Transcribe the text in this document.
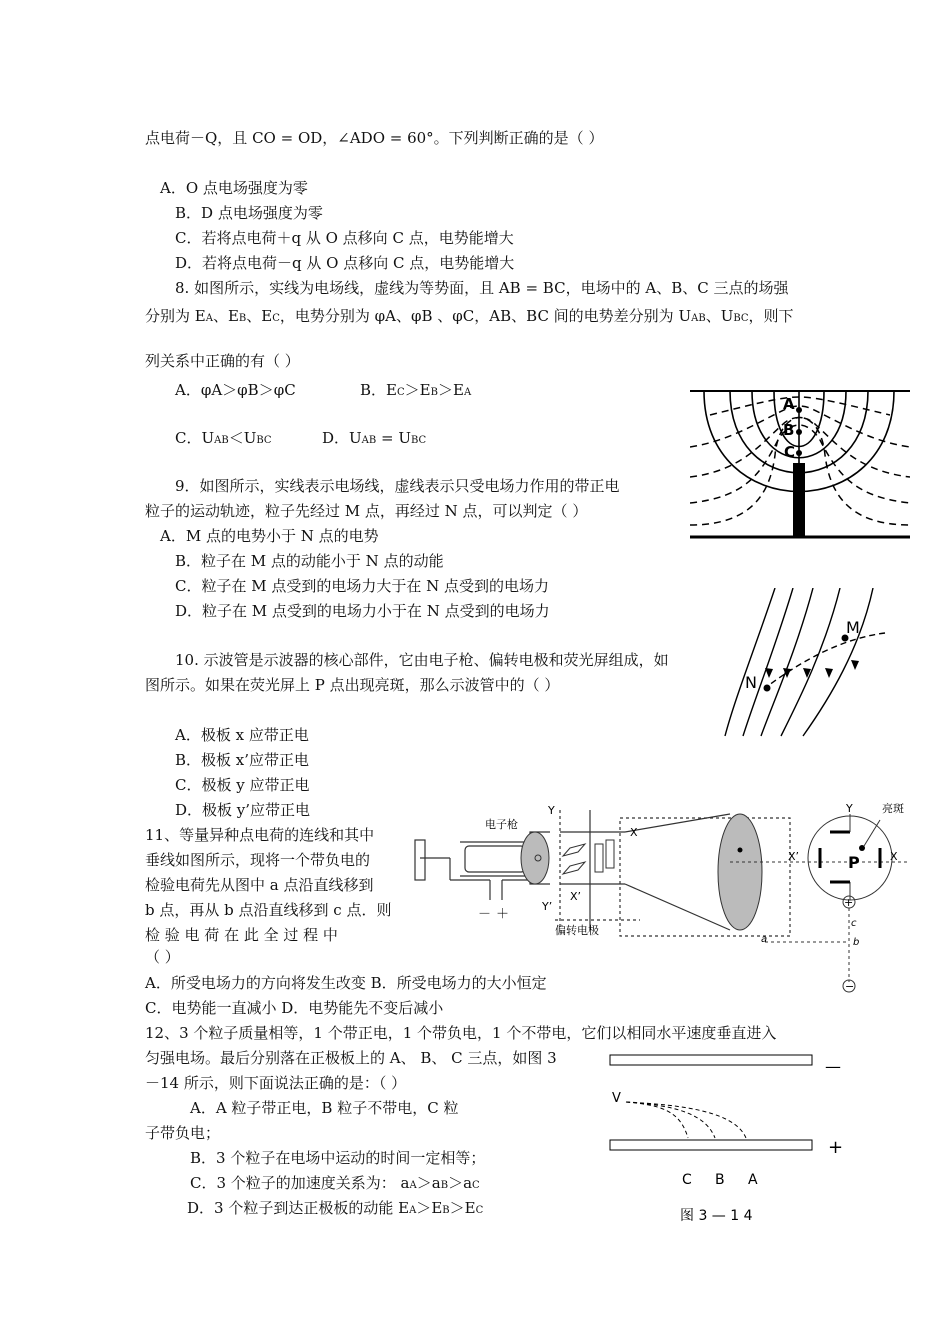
点电荷－Q，且 CO = OD，∠ADO = 60°。下列判断正确的是（ ）
A．O 点电场强度为零
B．D 点电场强度为零
C．若将点电荷＋q 从 O 点移向 C 点，电势能增大
D．若将点电荷－q 从 O 点移向 C 点，电势能增大
8. 如图所示，实线为电场线，虚线为等势面，且 AB = BC，电场中的 A、B、C 三点的场强
分别为 EA、EB、EC，电势分别为 φA、φB 、φC，AB、BC 间的电势差分别为 UAB、UBC，则下
列关系中正确的有（ ）
A．φA＞φB＞φC	B．EC＞EB＞EA
C．UAB＜UBC	D．UAB = UBC
9．如图所示，实线表示电场线，虚线表示只受电场力作用的带正电
粒子的运动轨迹，粒子先经过 M 点，再经过 N 点，可以判定（ ）
A．M 点的电势小于 N 点的电势
B．粒子在 M 点的动能小于 N 点的动能
C．粒子在 M 点受到的电场力大于在 N 点受到的电场力
D．粒子在 M 点受到的电场力小于在 N 点受到的电场力
10. 示波管是示波器的核心部件，它由电子枪、偏转电极和荧光屏组成，如
图所示。如果在荧光屏上 P 点出现亮斑，那么示波管中的（ ）
A．极板 x 应带正电
B．极板 x’应带正电
C．极板 y 应带正电
D．极板 y’应带正电
11、等量异种点电荷的连线和其中
垂线如图所示，现将一个带负电的
检验电荷先从图中 a 点沿直线移到
b 点，再从 b 点沿直线移到 c 点．则
检 验 电 荷 在 此 全 过 程 中
（ ）
A．所受电场力的方向将发生改变 B．所受电场力的大小恒定
C．电势能一直减小 D．电势能先不变后减小
12、3 个粒子质量相等，1 个带正电，1 个带负电，1 个不带电，它们以相同水平速度垂直进入
匀强电场。最后分别落在正极板上的 A、 B、 C 三点，如图 3
－14 所示，则下面说法正确的是：（ ）
A．A 粒子带正电，B 粒子不带电，C 粒
子带负电；
B．3 个粒子在电场中运动的时间一定相等；
C．3 个粒子的加速度关系为： aA＞aB＞aC
D．3 个粒子到达正极板的动能 EA＞EB＞EC
A
B
C
M
N
电子枪
Y
Y’
X
X’
偏转电极
－ ＋
Y
X’	X
P
亮斑
+
−
a	b
c
—
+
V
C B A
图 3 — 1 4
